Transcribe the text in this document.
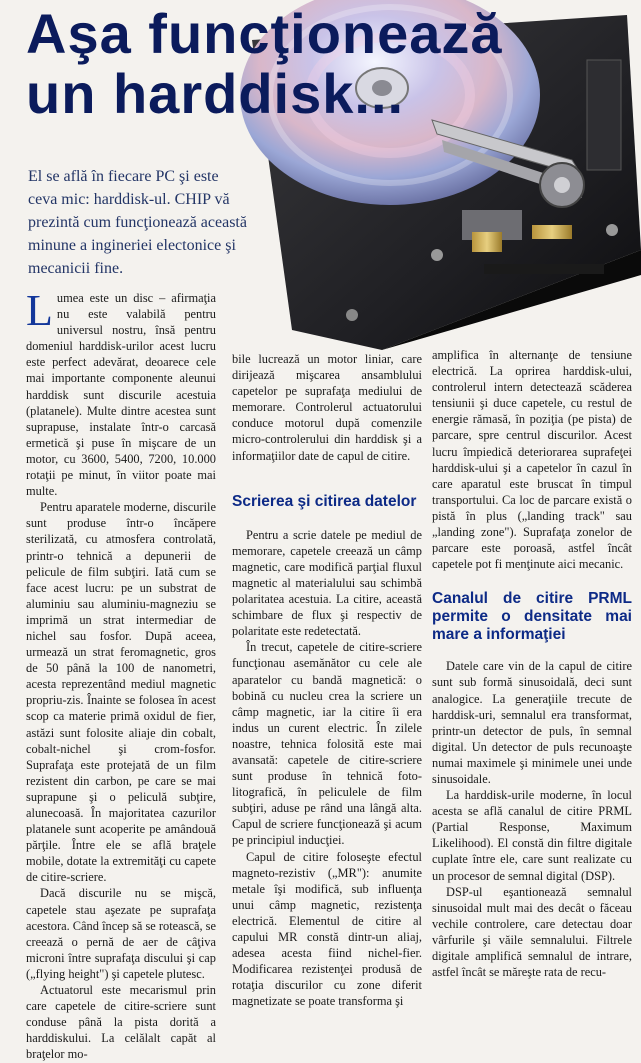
Aşa funcţionează
un harddisk...

El se află în fiecare PC şi este ceva mic: harddisk-ul. CHIP vă prezintă cum funcţionează această minune a ingineriei electonice şi mecanicii fine.

Lumea este un disc – afirmaţia nu este valabilă pentru universul nostru, însă pentru domeniul harddisk-urilor acest lucru este perfect adevărat, deoarece cele mai importante componente aleunui harddisk sunt discurile acestuia (platanele). Multe dintre acestea sunt suprapuse, instalate într-o carcasă ermetică şi puse în mişcare de un motor, cu 3600, 5400, 7200, 10.000 rotaţii pe minut, în viitor poate mai multe.

Pentru aparatele moderne, discurile sunt produse într-o încăpere sterilizată, cu atmosfera controlată, printr-o tehnică a depunerii de pelicule de film subţiri. Iată cum se face acest lucru: pe un substrat de aluminiu sau aluminiu-magneziu se imprimă un strat intermediar de nichel sau fosfor. După aceea, urmează un strat feromagnetic, gros de 50 până la 100 de nanometri, acesta reprezentând mediul magnetic propriu-zis. Înainte se folosea în acest scop ca materie primă oxidul de fier, astăzi sunt folosite aliaje din cobalt, cobalt-nichel şi crom-fosfor. Suprafaţa este protejată de un film rezistent din carbon, pe care se mai suprapune şi o peliculă subţire, alunecoasă. În majoritatea cazurilor platanele sunt acoperite pe amândouă părţile. Între ele se află braţele mobile, dotate la extremităţi cu capete de citire-scriere.

Dacă discurile nu se mişcă, capetele stau aşezate pe suprafaţa acestora. Când încep să se rotească, se creează o pernă de aer de câţiva microni între suprafaţa discului şi cap („flying height") şi capetele plutesc.

Actuatorul este mecarismul prin care capetele de citire-scriere sunt conduse până la pista dorită a harddiskului. La celălalt capăt al braţelor mo-

bile lucrează un motor liniar, care dirijează mişcarea ansamblului capetelor pe suprafaţa mediului de memorare. Controlerul actuatorului conduce motorul după comenzile micro-controlerului din harddisk şi a informaţiilor date de capul de citire.

Scrierea şi citirea datelor

Pentru a scrie datele pe mediul de memorare, capetele creează un câmp magnetic, care modifică parţial fluxul magnetic al materialului sau schimbă polaritatea acestuia. La citire, această schimbare de flux şi respectiv de polaritate este redetectată.

În trecut, capetele de citire-scriere funcţionau asemănător cu cele ale aparatelor cu bandă magnetică: o bobină cu nucleu crea la scriere un câmp magnetic, iar la citire îi era indus un curent electric. În zilele noastre, tehnica folosită este mai avansată: capetele de citire-scriere sunt produse în tehnică foto-litografică, în peliculele de film subţiri, aduse pe rând una lângă alta. Capul de scriere funcţionează şi acum pe principiul inducţiei.

Capul de citire foloseşte efectul magneto-rezistiv („MR"): anumite metale îşi modifică, sub influenţa unui câmp magnetic, rezistenţa electrică. Elementul de citire al capului MR constă dintr-un aliaj, adesea acesta fiind nichel-fier. Modificarea rezistenţei produsă de rotaţia discurilor cu zone diferit magnetizate se poate transforma şi

amplifica în alternanţe de tensiune electrică. La oprirea harddisk-ului, controlerul intern detectează scăderea tensiunii şi duce capetele, cu restul de energie rămasă, în poziţia (pe pista) de parcare, spre centrul discurilor. Acest lucru împiedică deteriorarea suprafeţei harddisk-ului şi a capetelor în cazul în care aparatul este bruscat în timpul transportului. Ca loc de parcare există o pistă în plus („landing track" sau „landing zone"). Suprafaţa zonelor de parcare este poroasă, astfel încât capetele pot fi menţinute aici mecanic.

Canalul de citire PRML permite o densitate mai mare a informaţiei

Datele care vin de la capul de citire sunt sub formă sinusoidală, deci sunt analogice. La generaţiile trecute de harddisk-uri, semnalul era transformat, printr-un detector de puls, în semnal digital. Un detector de puls recunoaşte numai maximele şi minimele unei unde sinusoidale.

La harddisk-urile moderne, în locul acesta se află canalul de citire PRML (Partial Response, Maximum Likelihood). El constă din filtre digitale cuplate între ele, care sunt realizate cu un procesor de semnal digital (DSP).

DSP-ul eşantionează semnalul sinusoidal mult mai des decât o făceau vechile controlere, care detectau doar vârfurile şi văile semnalului. Filtrele digitale amplifică semnalul de intrare, astfel încât se măreşte rata de recu-
